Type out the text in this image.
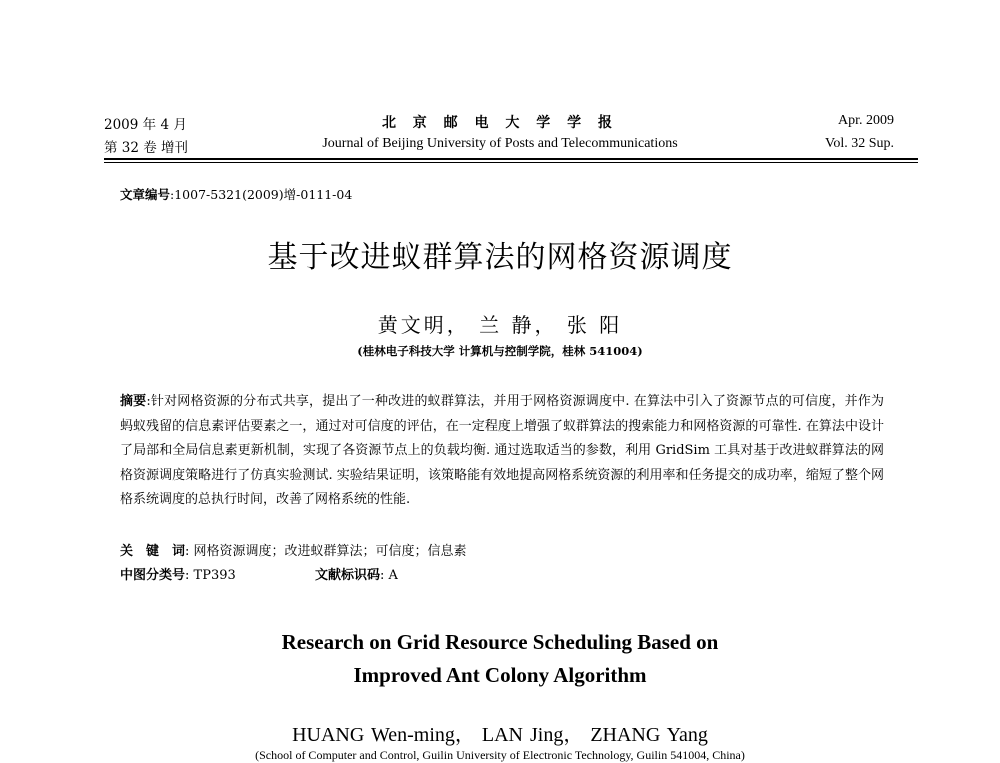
2009 年 4 月
第 32 卷 增刊
北 京 邮 电 大 学 学 报
Journal of Beijing University of Posts and Telecommunications
Apr. 2009
Vol. 32 Sup.
文章编号:1007-5321(2009)增-0111-04
基于改进蚁群算法的网格资源调度
黄文明， 兰 静， 张 阳
(桂林电子科技大学 计算机与控制学院，桂林 541004)
摘要:针对网格资源的分布式共享，提出了一种改进的蚁群算法，并用于网格资源调度中. 在算法中引入了资源节点的可信度，并作为蚂蚁残留的信息素评估要素之一，通过对可信度的评估，在一定程度上增强了蚁群算法的搜索能力和网格资源的可靠性. 在算法中设计了局部和全局信息素更新机制，实现了各资源节点上的负载均衡. 通过选取适当的参数，利用 GridSim 工具对基于改进蚁群算法的网格资源调度策略进行了仿真实验测试. 实验结果证明，该策略能有效地提高网格系统资源的利用率和任务提交的成功率，缩短了整个网格系统调度的总执行时间，改善了网格系统的性能.
关　键　词: 网格资源调度；改进蚁群算法；可信度；信息素
中图分类号: TP393	文献标识码: A
Research on Grid Resource Scheduling Based on
Improved Ant Colony Algorithm
HUANG Wen-ming， LAN Jing， ZHANG Yang
(School of Computer and Control, Guilin University of Electronic Technology, Guilin 541004, China)
